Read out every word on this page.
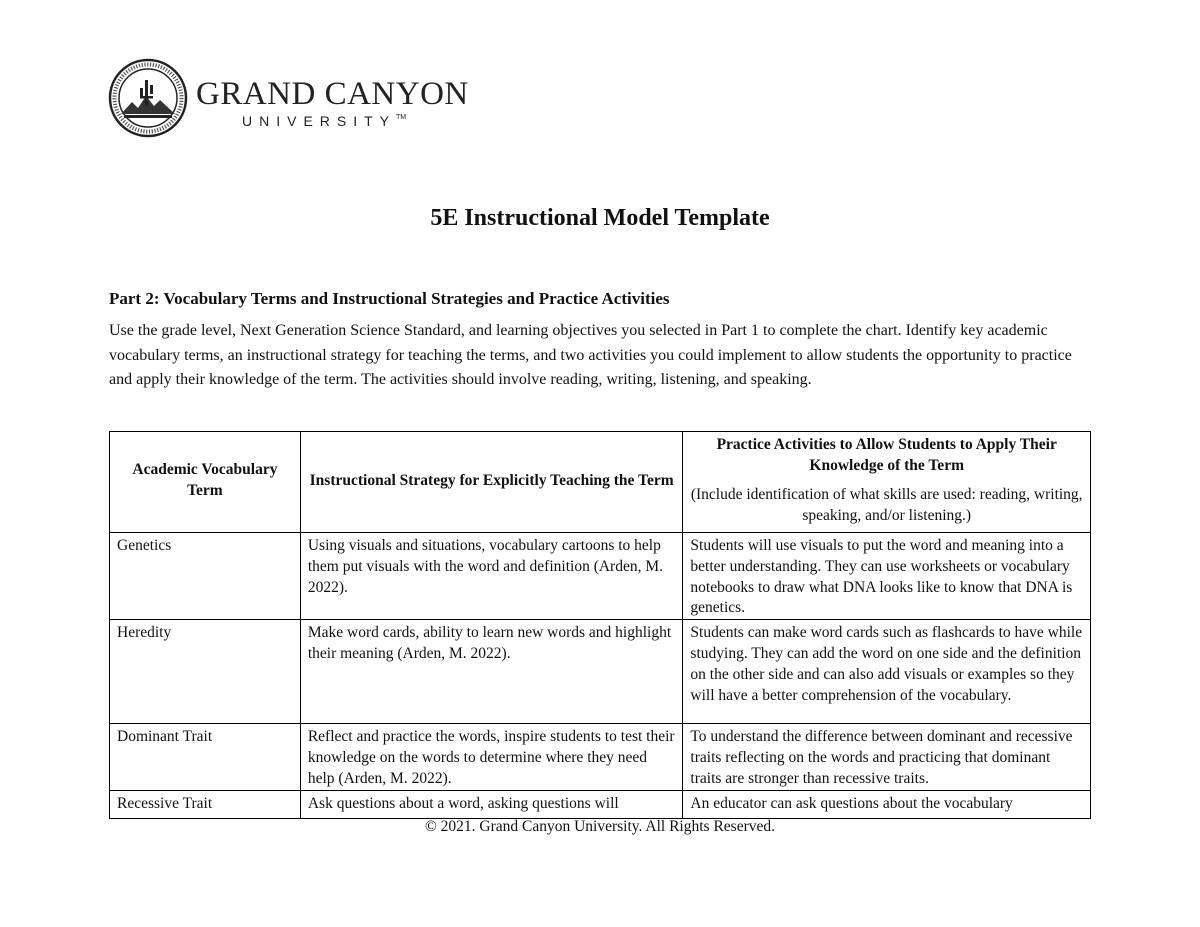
GRAND CANYON
UNIVERSITY™
5E Instructional Model Template
Part 2: Vocabulary Terms and Instructional Strategies and Practice Activities

Use the grade level, Next Generation Science Standard, and learning objectives you selected in Part 1 to complete the chart. Identify key academic vocabulary terms, an instructional strategy for teaching the terms, and two activities you could implement to allow students the opportunity to practice and apply their knowledge of the term. The activities should involve reading, writing, listening, and speaking.

Academic Vocabulary Term	Instructional Strategy for Explicitly Teaching the Term	Practice Activities to Allow Students to Apply Their Knowledge of the Term
(Include identification of what skills are used: reading, writing, speaking, and/or listening.)

Genetics	Using visuals and situations, vocabulary cartoons to help them put visuals with the word and definition (Arden, M. 2022).	Students will use visuals to put the word and meaning into a better understanding. They can use worksheets or vocabulary notebooks to draw what DNA looks like to know that DNA is genetics.
Heredity	Make word cards, ability to learn new words and highlight their meaning (Arden, M. 2022).	Students can make word cards such as flashcards to have while studying. They can add the word on one side and the definition on the other side and can also add visuals or examples so they will have a better comprehension of the vocabulary.
Dominant Trait	Reflect and practice the words, inspire students to test their knowledge on the words to determine where they need help (Arden, M. 2022).	To understand the difference between dominant and recessive traits reflecting on the words and practicing that dominant traits are stronger than recessive traits.
Recessive Trait	Ask questions about a word, asking questions will	An educator can ask questions about the vocabulary
© 2021. Grand Canyon University. All Rights Reserved.
